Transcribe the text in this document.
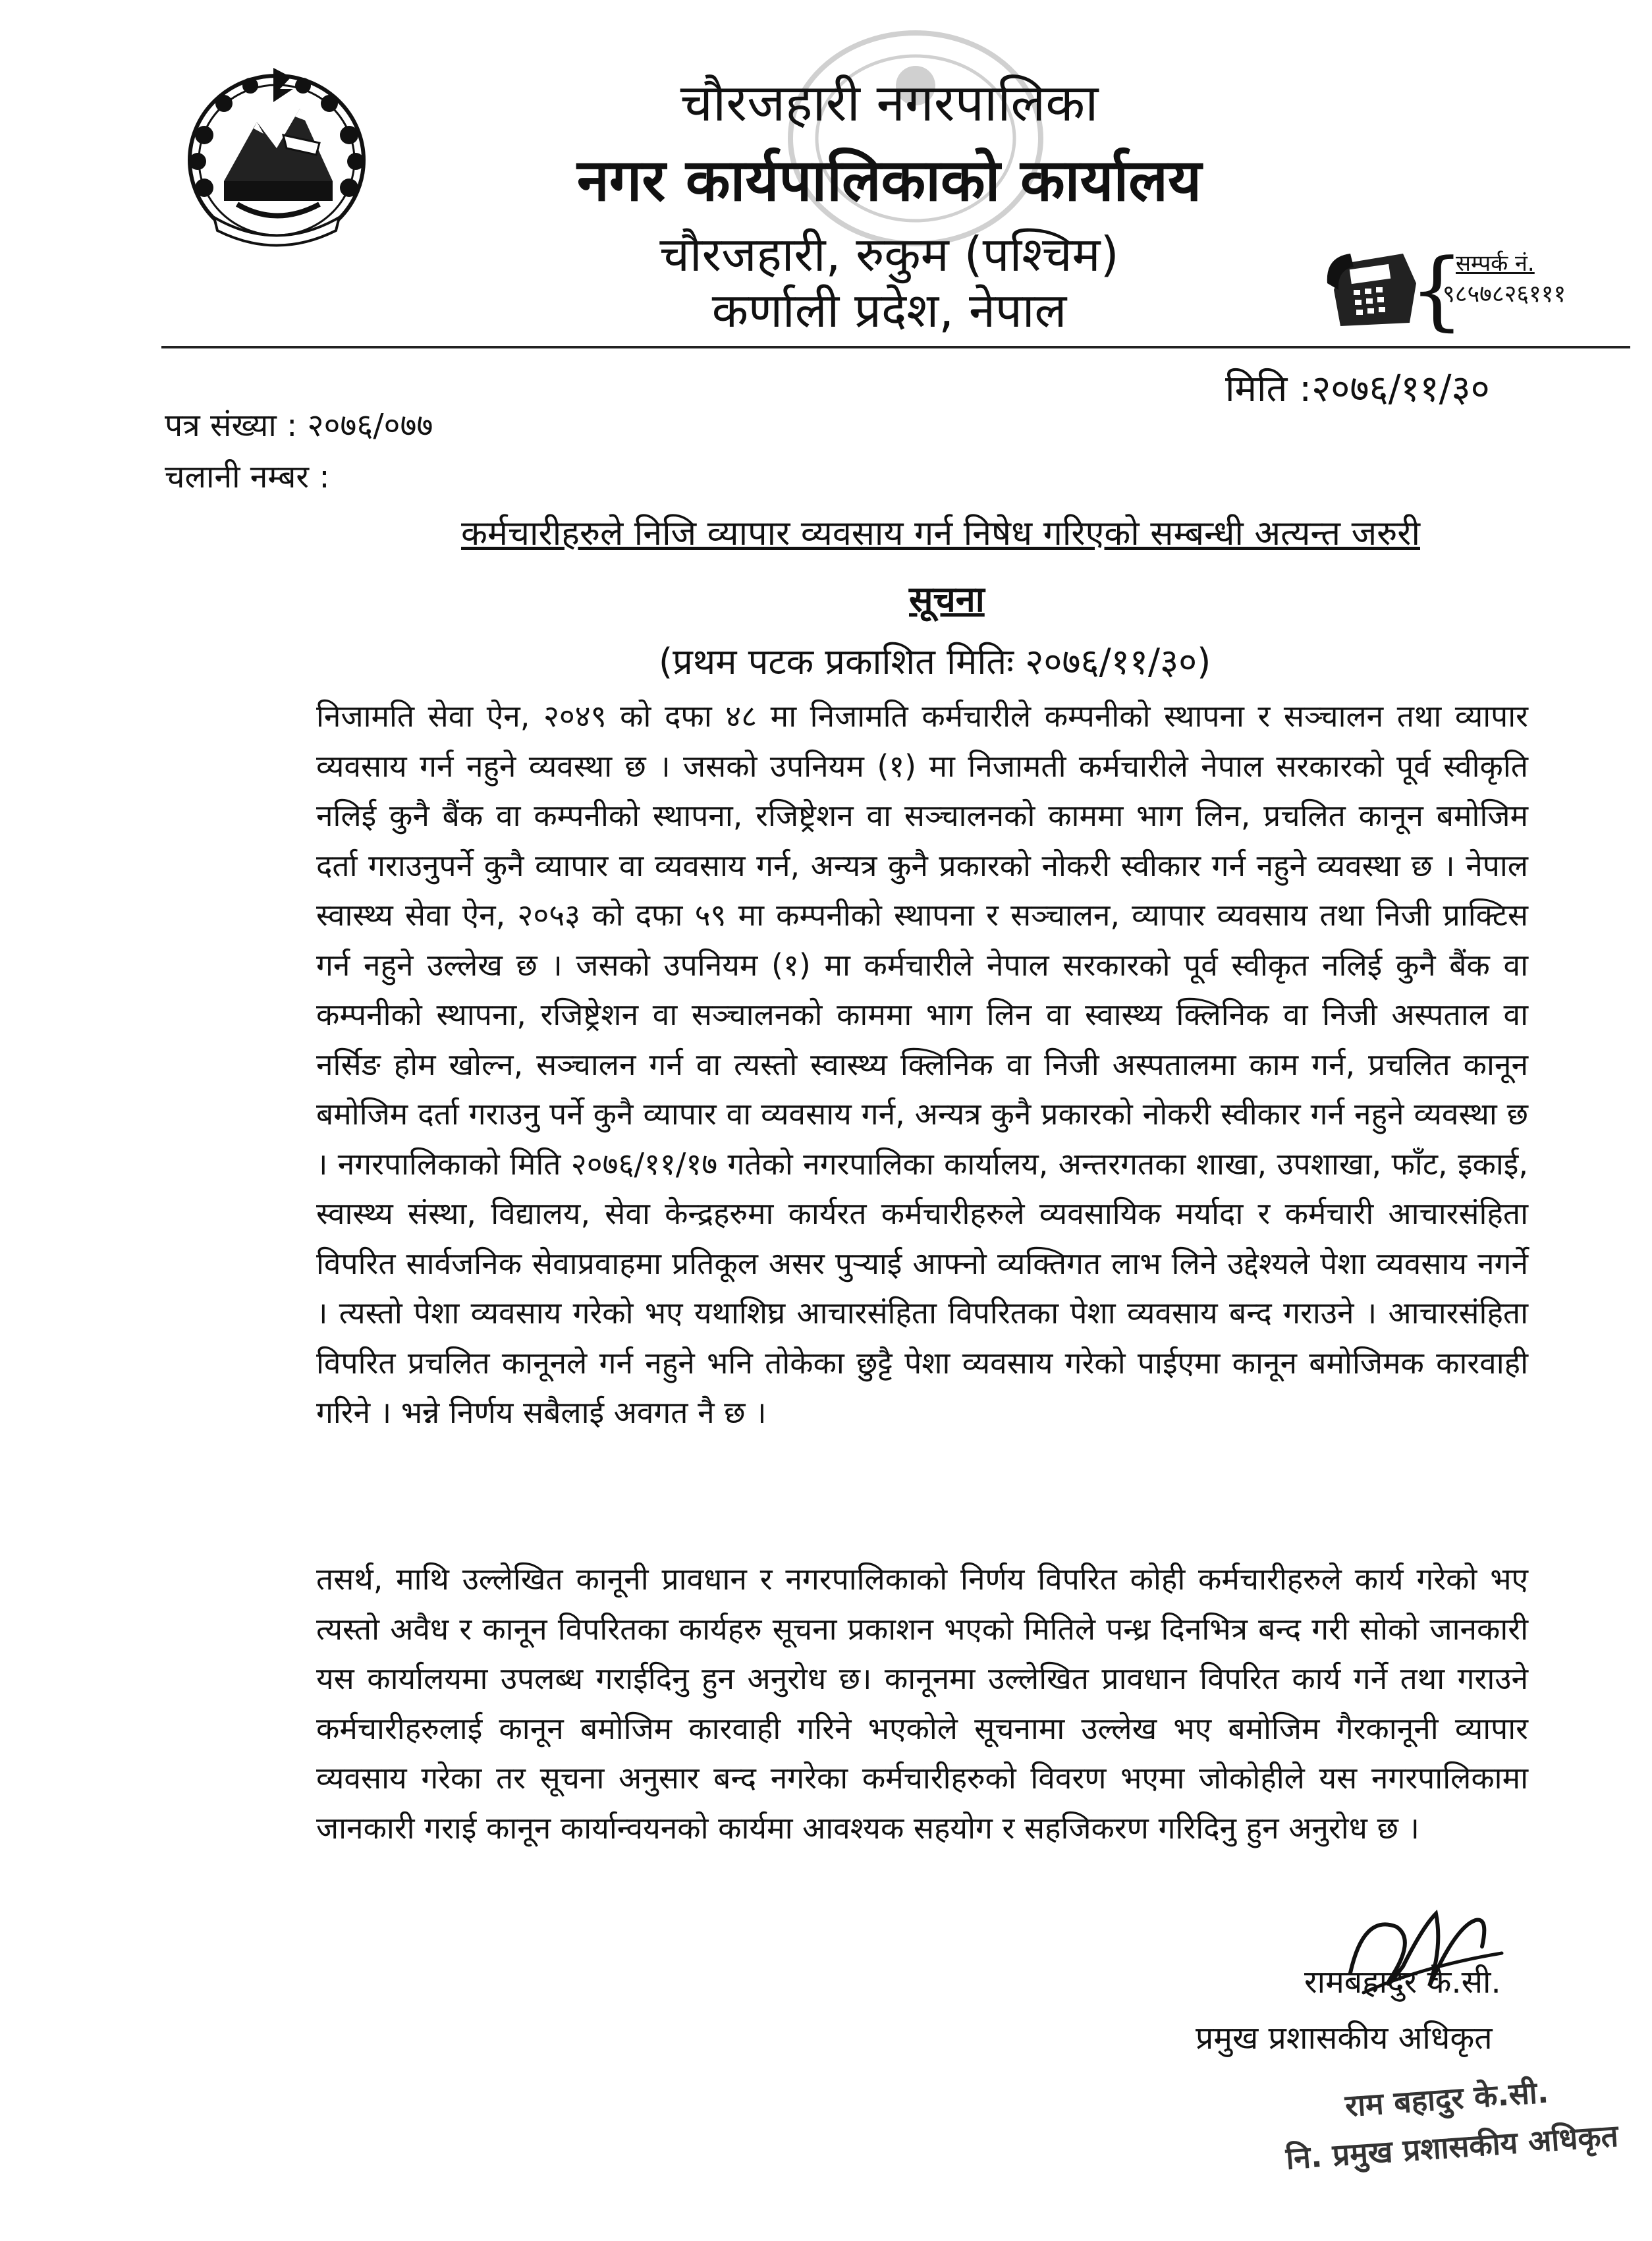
चौरजहारी नगरपालिका
नगर कार्यपालिकाको कार्यालय
चौरजहारी, रुकुम (पश्चिम)
कर्णाली प्रदेश, नेपाल	{
सम्पर्क नं.
९८५७८२६१११
मिति :२०७६/११/३०
पत्र संख्या : २०७६/०७७
चलानी नम्बर :
कर्मचारीहरुले निजि व्यापार व्यवसाय गर्न निषेध गरिएको सम्बन्धी अत्यन्त जरुरी
सूचना
(प्रथम पटक प्रकाशित मितिः २०७६/११/३०)
निजामति सेवा ऐन, २०४९ को दफा ४८ मा निजामति कर्मचारीले कम्पनीको स्थापना र सञ्चालन तथा व्यापार व्यवसाय गर्न नहुने व्यवस्था छ । जसको उपनियम (१) मा निजामती कर्मचारीले नेपाल सरकारको पूर्व स्वीकृति नलिई कुनै बैंक वा कम्पनीको स्थापना, रजिष्ट्रेशन वा सञ्चालनको काममा भाग लिन, प्रचलित कानून बमोजिम दर्ता गराउनुपर्ने कुनै व्यापार वा व्यवसाय गर्न, अन्यत्र कुनै प्रकारको नोकरी स्वीकार गर्न नहुने व्यवस्था छ । नेपाल स्वास्थ्य सेवा ऐन, २०५३ को दफा ५९ मा कम्पनीको स्थापना र सञ्चालन, व्यापार व्यवसाय तथा निजी प्राक्टिस गर्न नहुने उल्लेख छ । जसको उपनियम (१) मा कर्मचारीले नेपाल सरकारको पूर्व स्वीकृत नलिई कुनै बैंक वा कम्पनीको स्थापना, रजिष्ट्रेशन वा सञ्चालनको काममा भाग लिन वा स्वास्थ्य क्लिनिक वा निजी अस्पताल वा नर्सिङ होम खोल्न, सञ्चालन गर्न वा त्यस्तो स्वास्थ्य क्लिनिक वा निजी अस्पतालमा काम गर्न, प्रचलित कानून बमोजिम दर्ता गराउनु पर्ने कुनै व्यापार वा व्यवसाय गर्न, अन्यत्र कुनै प्रकारको नोकरी स्वीकार गर्न नहुने व्यवस्था छ । नगरपालिकाको मिति २०७६/११/१७ गतेको नगरपालिका कार्यालय, अन्तरगतका शाखा, उपशाखा, फाँट, इकाई, स्वास्थ्य संस्था, विद्यालय, सेवा केन्द्रहरुमा कार्यरत कर्मचारीहरुले व्यवसायिक मर्यादा र कर्मचारी आचारसंहिता विपरित सार्वजनिक सेवाप्रवाहमा प्रतिकूल असर पुऱ्याई आफ्नो व्यक्तिगत लाभ लिने उद्देश्यले पेशा व्यवसाय नगर्ने । त्यस्तो पेशा व्यवसाय गरेको भए यथाशिघ्र आचारसंहिता विपरितका पेशा व्यवसाय बन्द गराउने । आचारसंहिता विपरित प्रचलित कानूनले गर्न नहुने भनि तोकेका छुट्टै पेशा व्यवसाय गरेको पाईएमा कानून बमोजिमक कारवाही गरिने । भन्ने निर्णय सबैलाई अवगत नै छ ।
तसर्थ, माथि उल्लेखित कानूनी प्रावधान र नगरपालिकाको निर्णय विपरित कोही कर्मचारीहरुले कार्य गरेको भए त्यस्तो अवैध र कानून विपरितका कार्यहरु सूचना प्रकाशन भएको मितिले पन्ध्र दिनभित्र बन्द गरी सोको जानकारी यस कार्यालयमा उपलब्ध गराईदिनु हुन अनुरोध छ। कानूनमा उल्लेखित प्रावधान विपरित कार्य गर्ने तथा गराउने कर्मचारीहरुलाई कानून बमोजिम कारवाही गरिने भएकोले सूचनामा उल्लेख भए बमोजिम गैरकानूनी व्यापार व्यवसाय गरेका तर सूचना अनुसार बन्द नगरेका कर्मचारीहरुको विवरण भएमा जोकोहीले यस नगरपालिकामा जानकारी गराई कानून कार्यान्वयनको कार्यमा आवश्यक सहयोग र सहजिकरण गरिदिनु हुन अनुरोध छ ।
रामबहादुर के.सी.
प्रमुख प्रशासकीय अधिकृत
राम बहादुर के.सी.
नि. प्रमुख प्रशासकीय अधिकृत
